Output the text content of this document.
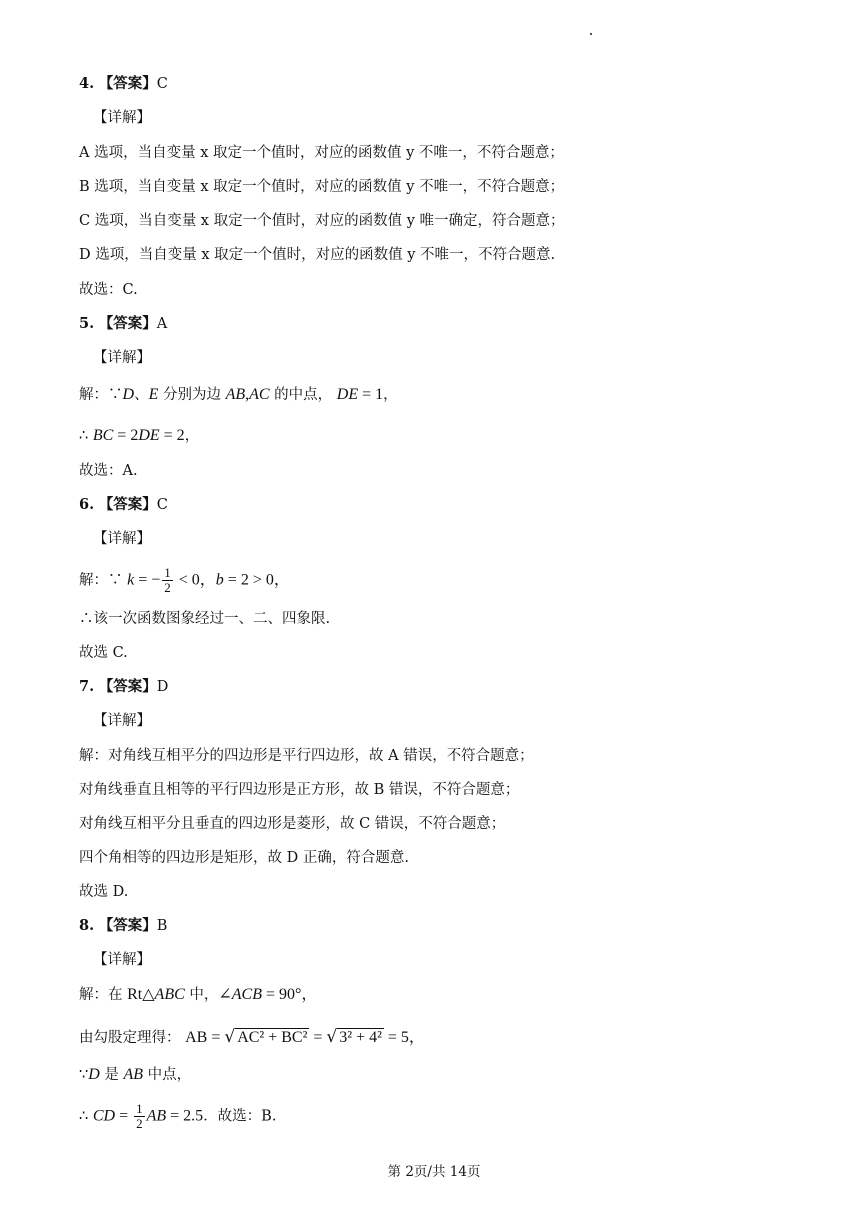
4. 【答案】C
【详解】
A 选项，当自变量 x 取定一个值时，对应的函数值 y 不唯一，不符合题意；
B 选项，当自变量 x 取定一个值时，对应的函数值 y 不唯一，不符合题意；
C 选项，当自变量 x 取定一个值时，对应的函数值 y 唯一确定，符合题意；
D 选项，当自变量 x 取定一个值时，对应的函数值 y 不唯一，不符合题意.
故选：C.
5. 【答案】A
【详解】
解：∵D、E 分别为边 AB,AC 的中点， DE = 1，
∴ BC = 2DE = 2，
故选：A.
6. 【答案】C
【详解】
解：∵ k = − $\frac{1}{2} < 0$，b = 2 > 0，
∴该一次函数图象经过一、二、四象限.
故选 C.
7. 【答案】D
【详解】
解：对角线互相平分的四边形是平行四边形，故 A 错误，不符合题意；
对角线垂直且相等的平行四边形是正方形，故 B 错误，不符合题意；
对角线互相平分且垂直的四边形是菱形，故 C 错误，不符合题意；
四个角相等的四边形是矩形，故 D 正确，符合题意.
故选 D.
8. 【答案】B
【详解】
解：在 Rt△ABC 中，∠ACB = 90°，
由勾股定理得： AB = √ AC² + BC² = √ 3² + 4² = 5，
∵D 是 AB 中点，
∴ CD = $\frac{1}{2}$ AB = 2.5．故选：B.
第 2页/共 14页
